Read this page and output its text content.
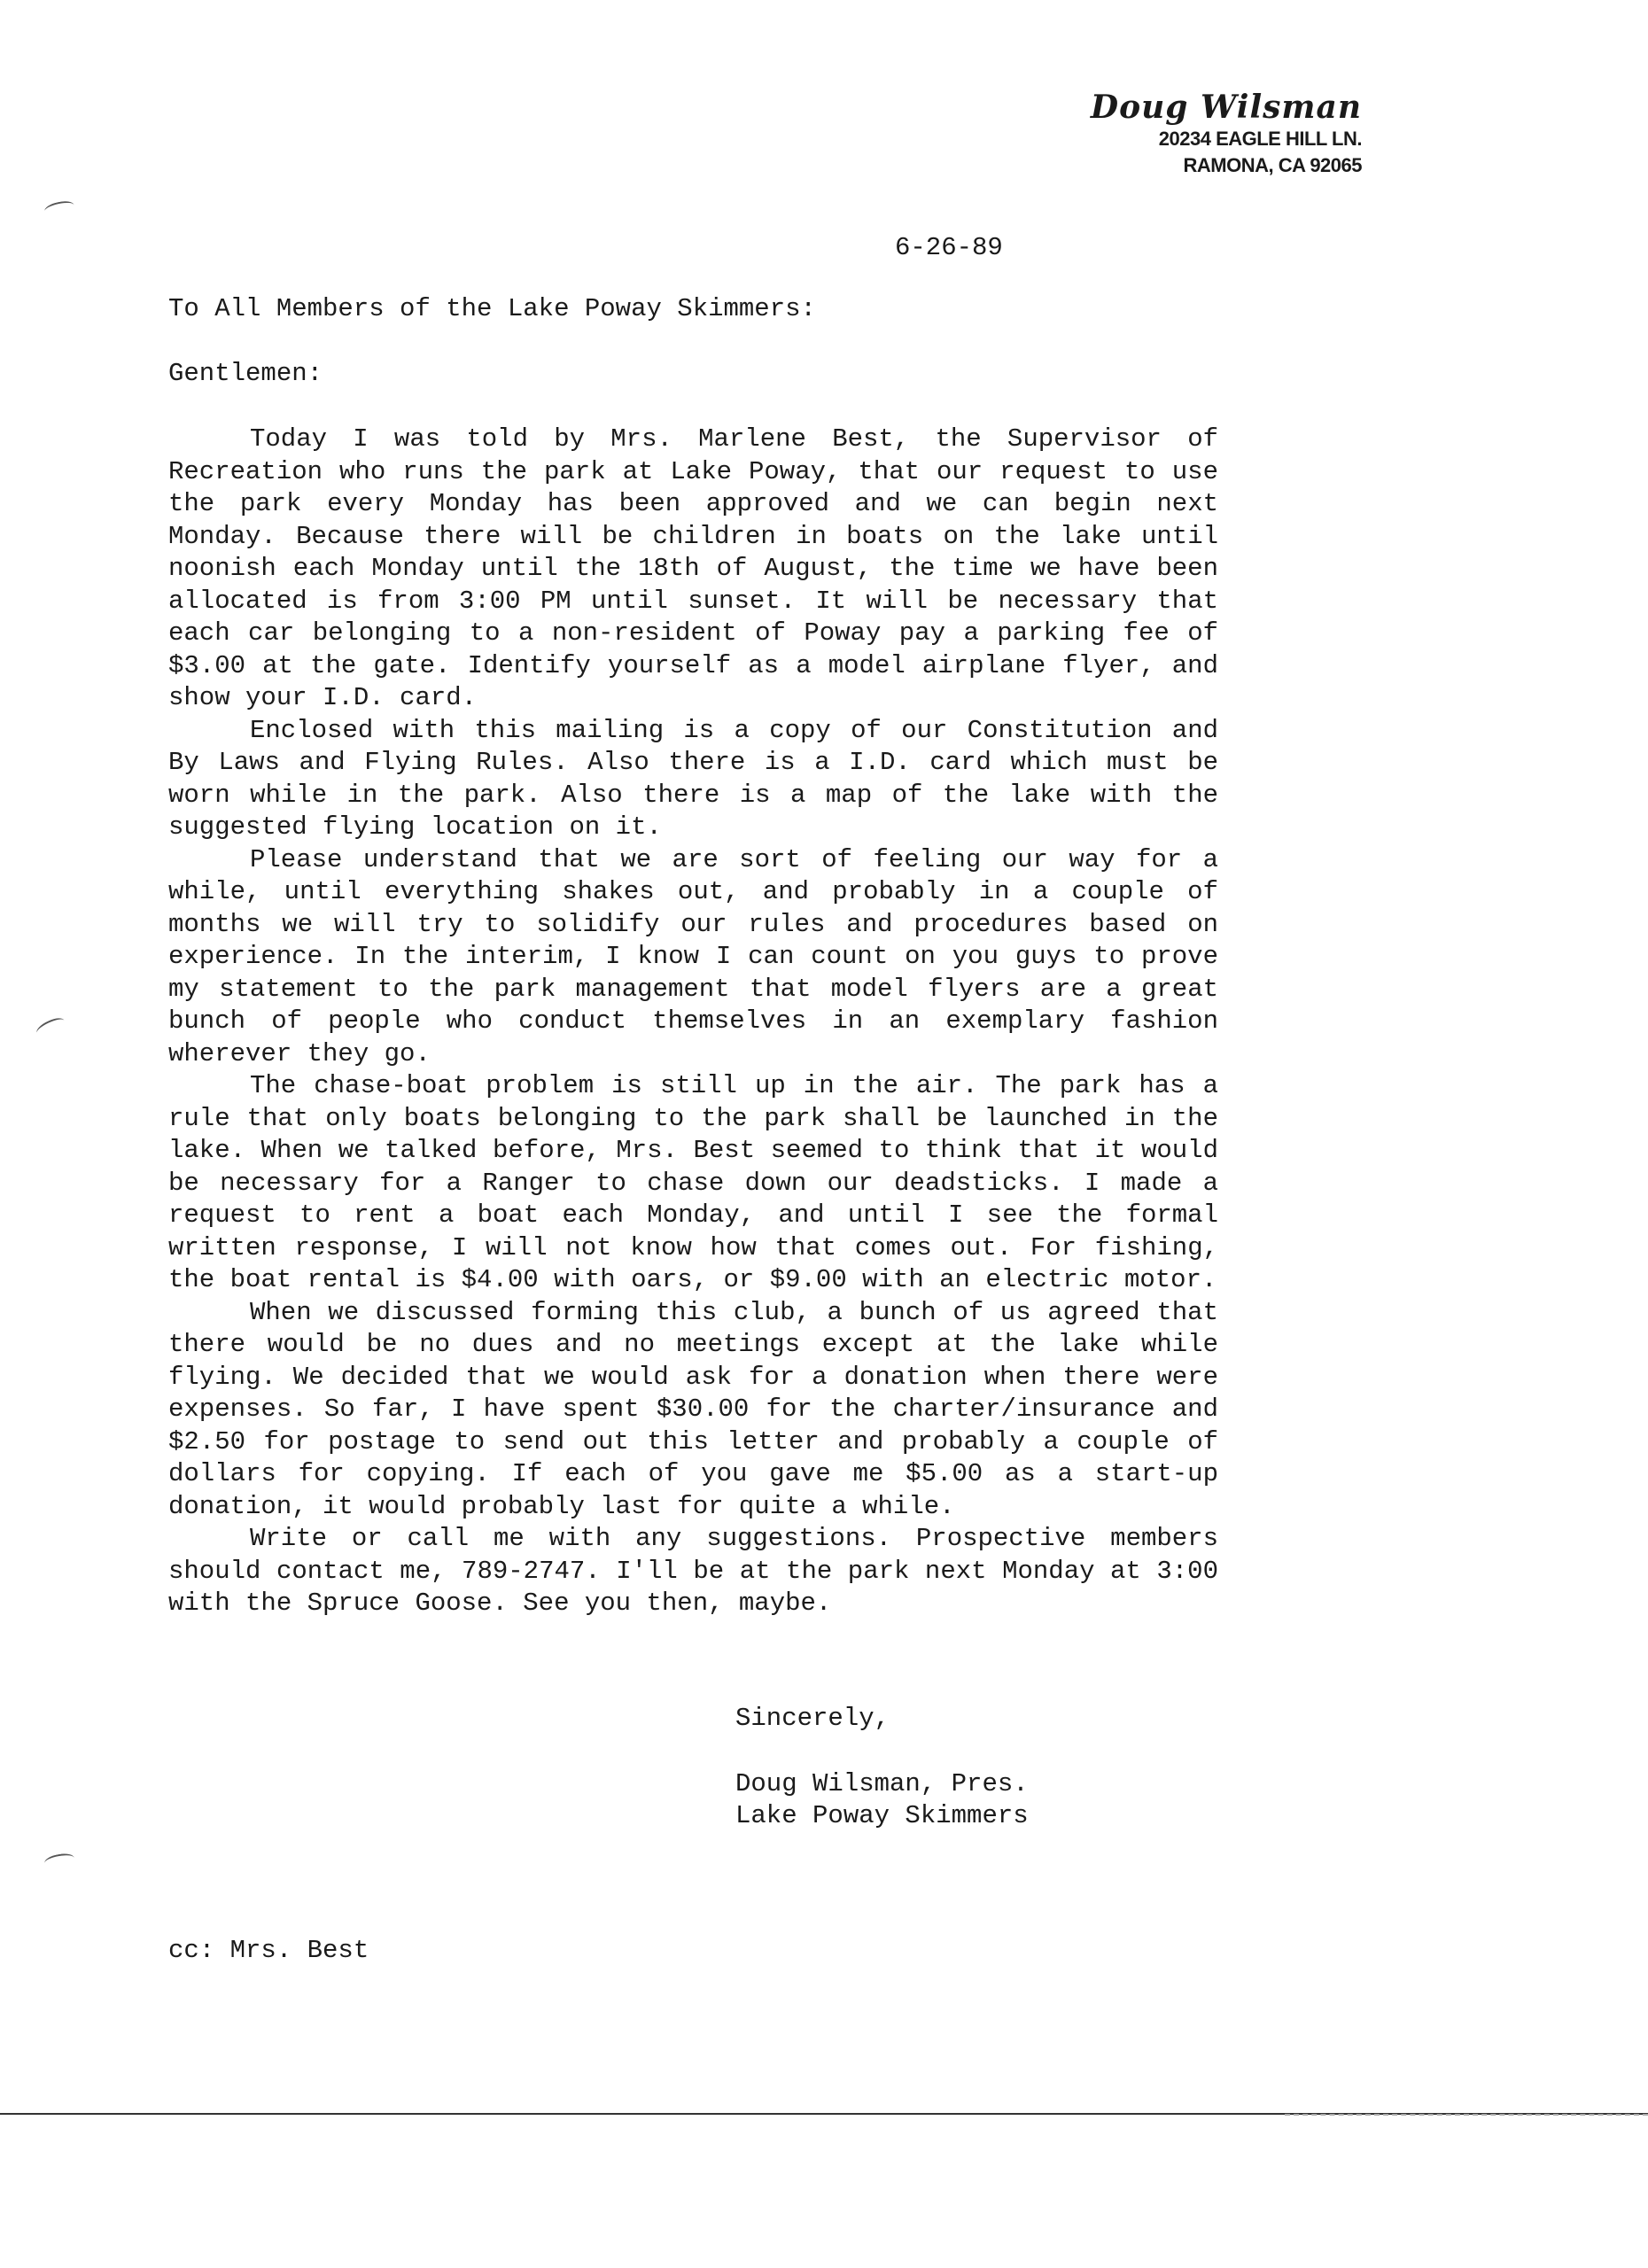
Doug Wilsman
20234 EAGLE HILL LN.
RAMONA, CA 92065
6-26-89
To All Members of the Lake Poway Skimmers:
Gentlemen:

Today I was told by Mrs. Marlene Best, the Supervisor of Recreation who runs the park at Lake Poway, that our request to use the park every Monday has been approved and we can begin next Monday. Because there will be children in boats on the lake until noonish each Monday until the 18th of August, the time we have been allocated is from 3:00 PM until sunset. It will be necessary that each car belonging to a non-resident of Poway pay a parking fee of $3.00 at the gate. Identify yourself as a model airplane flyer, and show your I.D. card.

Enclosed with this mailing is a copy of our Constitution and By Laws and Flying Rules. Also there is a I.D. card which must be worn while in the park. Also there is a map of the lake with the suggested flying location on it.

Please understand that we are sort of feeling our way for a while, until everything shakes out, and probably in a couple of months we will try to solidify our rules and procedures based on experience. In the interim, I know I can count on you guys to prove my statement to the park management that model flyers are a great bunch of people who conduct themselves in an exemplary fashion wherever they go.

The chase-boat problem is still up in the air. The park has a rule that only boats belonging to the park shall be launched in the lake. When we talked before, Mrs. Best seemed to think that it would be necessary for a Ranger to chase down our deadsticks. I made a request to rent a boat each Monday, and until I see the formal written response, I will not know how that comes out. For fishing, the boat rental is $4.00 with oars, or $9.00 with an electric motor.

When we discussed forming this club, a bunch of us agreed that there would be no dues and no meetings except at the lake while flying. We decided that we would ask for a donation when there were expenses. So far, I have spent $30.00 for the charter/insurance and $2.50 for postage to send out this letter and probably a couple of dollars for copying. If each of you gave me $5.00 as a start-up donation, it would probably last for quite a while.

Write or call me with any suggestions. Prospective members should contact me, 789-2747. I'll be at the park next Monday at 3:00 with the Spruce Goose. See you then, maybe.

Sincerely,
Doug Wilsman, Pres.
Lake Poway Skimmers
cc: Mrs. Best
